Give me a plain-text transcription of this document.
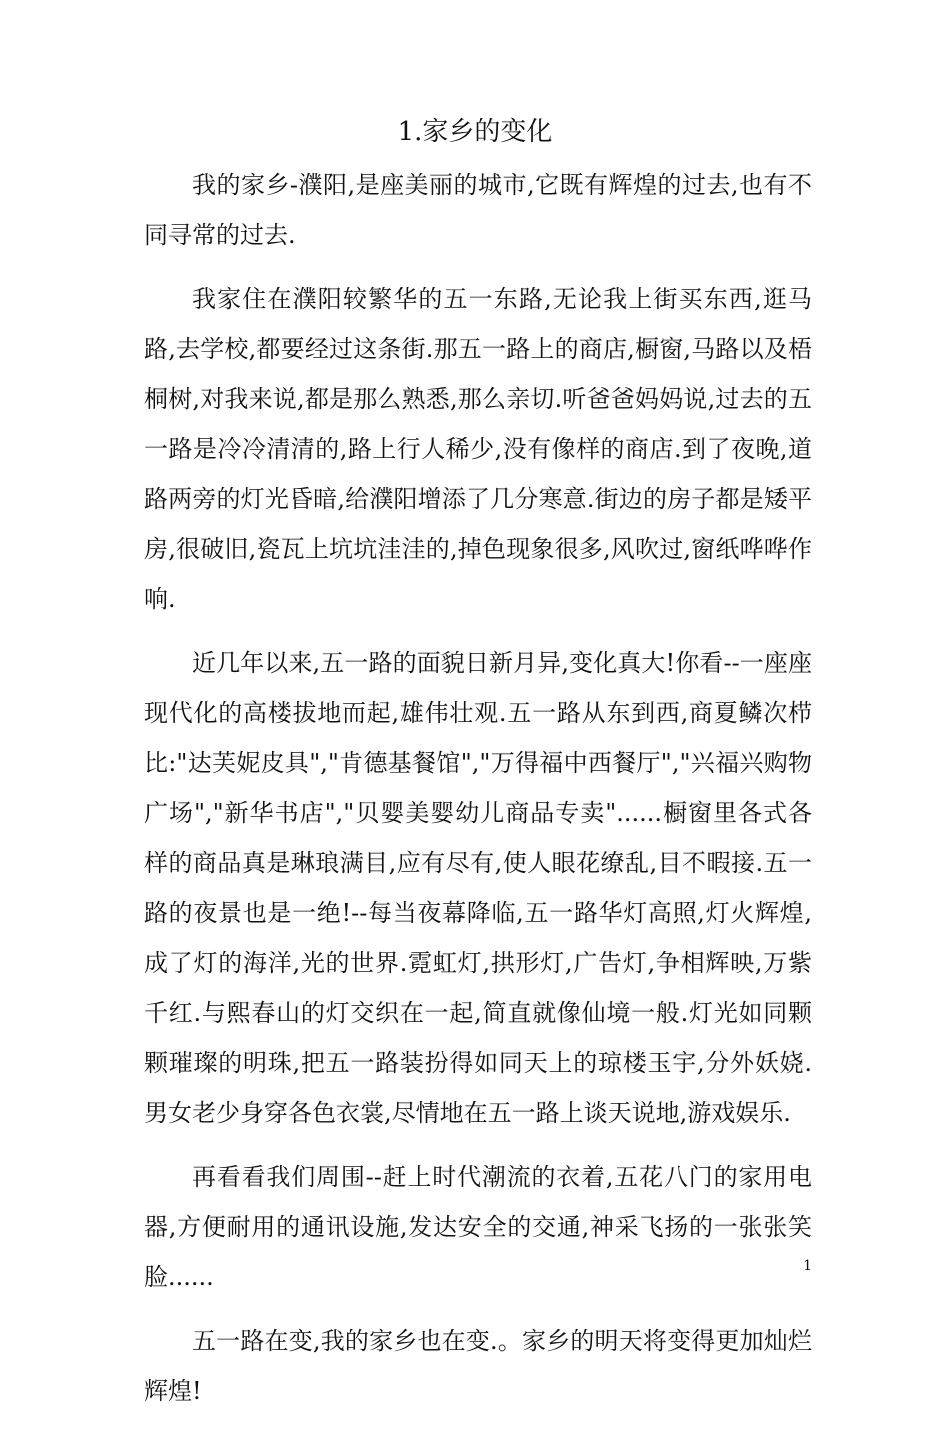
1.家乡的变化

我的家乡-濮阳,是座美丽的城市,它既有辉煌的过去,也有不同寻常的过去.

我家住在濮阳较繁华的五一东路,无论我上街买东西,逛马路,去学校,都要经过这条街.那五一路上的商店,橱窗,马路以及梧桐树,对我来说,都是那么熟悉,那么亲切.听爸爸妈妈说,过去的五一路是冷冷清清的,路上行人稀少,没有像样的商店.到了夜晚,道路两旁的灯光昏暗,给濮阳增添了几分寒意.街边的房子都是矮平房,很破旧,瓷瓦上坑坑洼洼的,掉色现象很多,风吹过,窗纸哗哗作响.

近几年以来,五一路的面貌日新月异,变化真大!你看--一座座现代化的高楼拔地而起,雄伟壮观.五一路从东到西,商夏鳞次栉比:"达芙妮皮具","肯德基餐馆","万得福中西餐厅","兴福兴购物广场","新华书店","贝婴美婴幼儿商品专卖"......橱窗里各式各样的商品真是琳琅满目,应有尽有,使人眼花缭乱,目不暇接.五一路的夜景也是一绝!--每当夜幕降临,五一路华灯高照,灯火辉煌,成了灯的海洋,光的世界.霓虹灯,拱形灯,广告灯,争相辉映,万紫千红.与熙春山的灯交织在一起,简直就像仙境一般.灯光如同颗颗璀璨的明珠,把五一路装扮得如同天上的琼楼玉宇,分外妖娆.男女老少身穿各色衣裳,尽情地在五一路上谈天说地,游戏娱乐.

再看看我们周围--赶上时代潮流的衣着,五花八门的家用电器,方便耐用的通讯设施,发达安全的交通,神采飞扬的一张张笑脸......

五一路在变,我的家乡也在变.。家乡的明天将变得更加灿烂辉煌!

1
